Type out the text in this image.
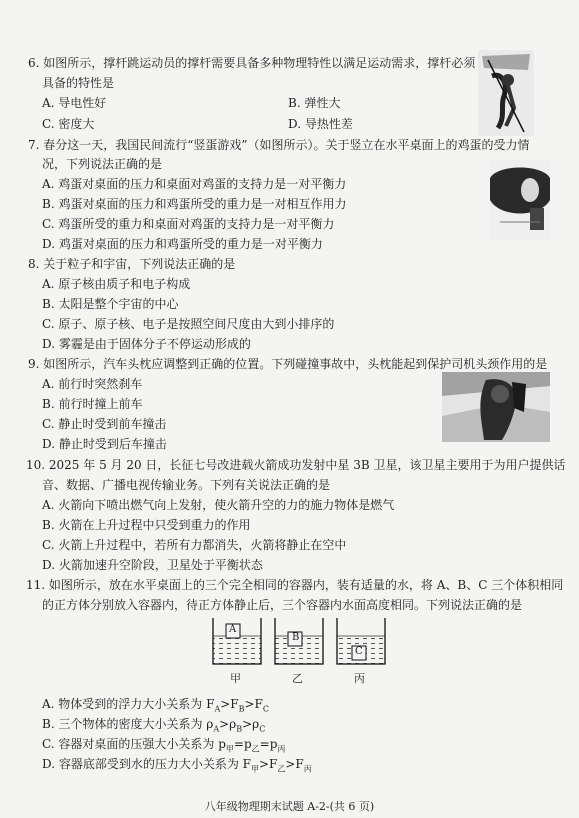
6. 如图所示，撑杆跳运动员的撑杆需要具备多种物理特性以满足运动需求，撑杆必须
具备的特性是
A. 导电性好	B. 弹性大
C. 密度大	D. 导热性差
7. 春分这一天，我国民间流行“竖蛋游戏”（如图所示）。关于竖立在水平桌面上的鸡蛋的受力情
况，下列说法正确的是
A. 鸡蛋对桌面的压力和桌面对鸡蛋的支持力是一对平衡力
B. 鸡蛋对桌面的压力和鸡蛋所受的重力是一对相互作用力
C. 鸡蛋所受的重力和桌面对鸡蛋的支持力是一对平衡力
D. 鸡蛋对桌面的压力和鸡蛋所受的重力是一对平衡力
8. 关于粒子和宇宙，下列说法正确的是
A. 原子核由质子和电子构成
B. 太阳是整个宇宙的中心
C. 原子、原子核、电子是按照空间尺度由大到小排序的
D. 雾霾是由于固体分子不停运动形成的
9. 如图所示，汽车头枕应调整到正确的位置。下列碰撞事故中，头枕能起到保护司机头颈作用的是
A. 前行时突然刹车
B. 前行时撞上前车
C. 静止时受到前车撞击
D. 静止时受到后车撞击
10. 2025 年 5 月 20 日，长征七号改进载火箭成功发射中星 3B 卫星，该卫星主要用于为用户提供话
音、数据、广播电视传输业务。下列有关说法正确的是
A. 火箭向下喷出燃气向上发射，使火箭升空的力的施力物体是燃气
B. 火箭在上升过程中只受到重力的作用
C. 火箭上升过程中，若所有力都消失，火箭将静止在空中
D. 火箭加速升空阶段，卫星处于平衡状态
11. 如图所示，放在水平桌面上的三个完全相同的容器内，装有适量的水，将 A、B、C 三个体积相同
的正方体分别放入容器内，待正方体静止后，三个容器内水面高度相同。下列说法正确的是
A
B
C
甲	乙	丙
A. 物体受到的浮力大小关系为 $F_A>F_B>F_C$
B. 三个物体的密度大小关系为 $\rho_A>\rho_B>\rho_C$
C. 容器对桌面的压强大小关系为 $p_甲=p_乙=p_丙$
D. 容器底部受到水的压力大小关系为 $F_甲>F_乙>F_丙$
八年级物理期末试题 A-2-(共 6 页)
